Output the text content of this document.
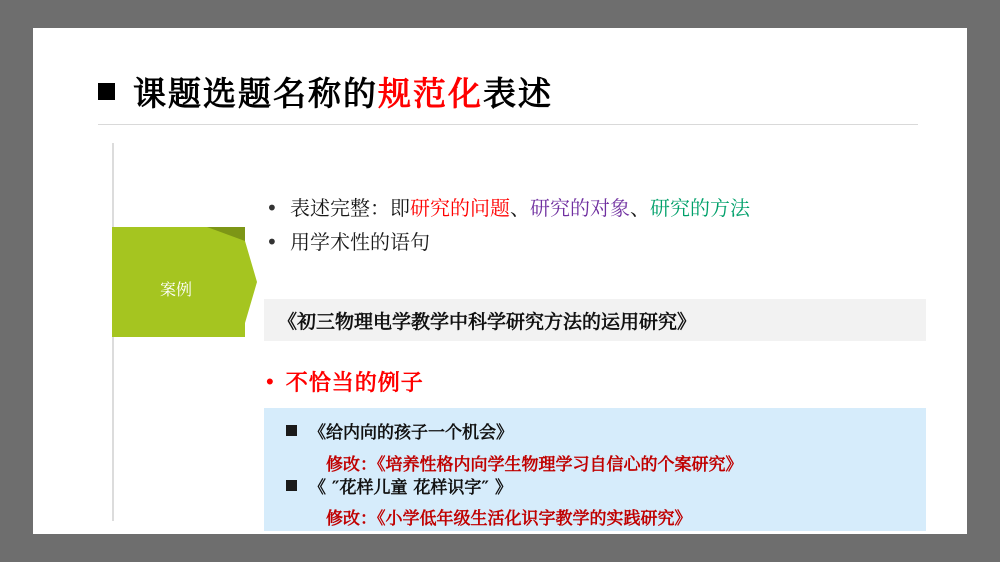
课题选题名称的规范化表述
• 表述完整：即研究的问题、研究的对象、研究的方法
• 用学术性的语句
案例
《初三物理电学教学中科学研究方法的运用研究》
• 不恰当的例子
《给内向的孩子一个机会》
修改：《培养性格内向学生物理学习自信心的个案研究》
《 ″花样儿童 花样识字″ 》
修改：《小学低年级生活化识字教学的实践研究》
